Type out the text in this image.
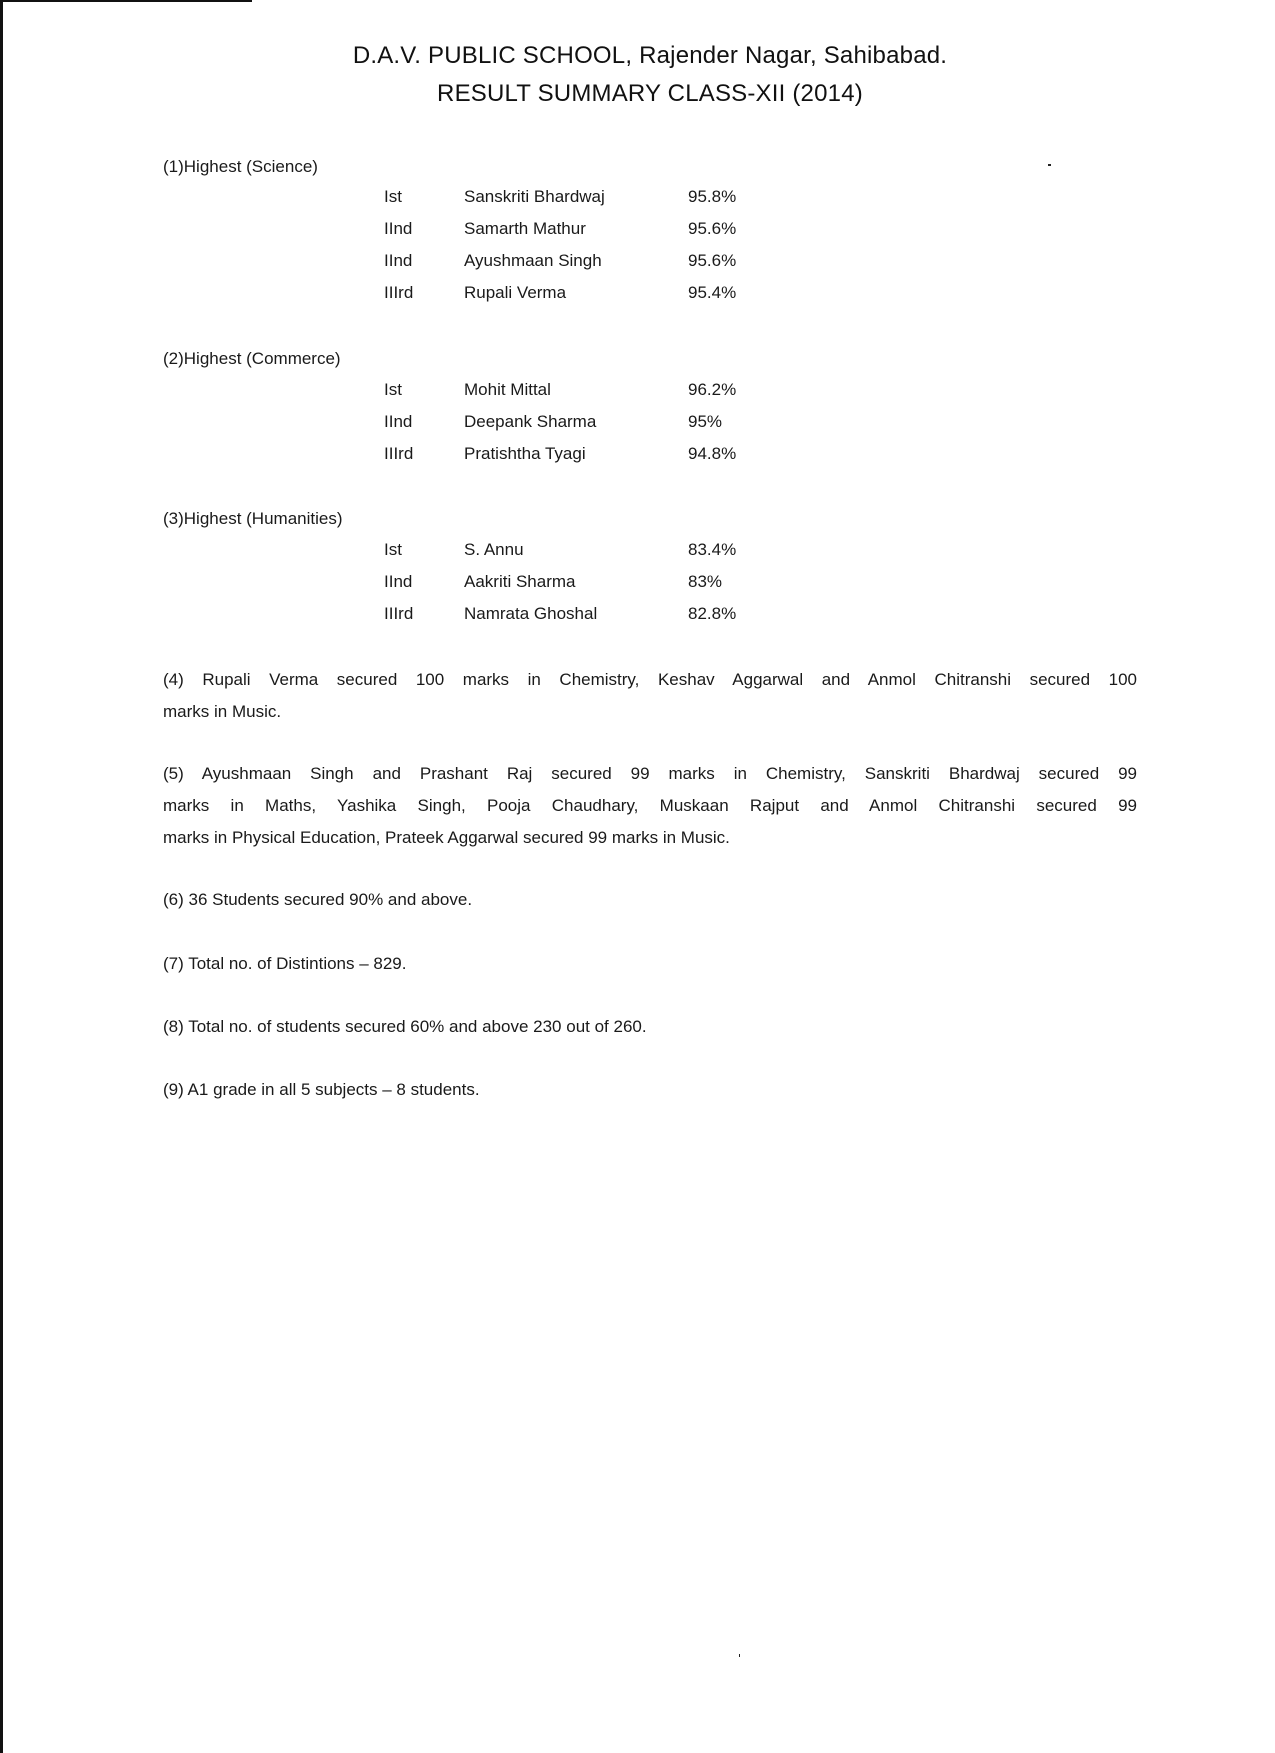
D.A.V. PUBLIC SCHOOL, Rajender Nagar, Sahibabad.
RESULT SUMMARY CLASS-XII (2014)
(1)Highest (Science)
Ist	Sanskriti Bhardwaj	95.8%
IInd	Samarth Mathur	95.6%
IInd	Ayushmaan Singh	95.6%
IIIrd	Rupali Verma	95.4%
(2)Highest (Commerce)
Ist	Mohit Mittal	96.2%
IInd	Deepank Sharma	95%
IIIrd	Pratishtha Tyagi	94.8%
(3)Highest (Humanities)
Ist	S. Annu	83.4%
IInd	Aakriti Sharma	83%
IIIrd	Namrata Ghoshal	82.8%
(4) Rupali Verma secured 100 marks in Chemistry, Keshav Aggarwal and Anmol Chitranshi secured 100
marks in Music.
(5) Ayushmaan Singh and Prashant Raj secured 99 marks in Chemistry, Sanskriti Bhardwaj secured 99
marks in Maths, Yashika Singh, Pooja Chaudhary, Muskaan Rajput and Anmol Chitranshi secured 99
marks in Physical Education, Prateek Aggarwal secured 99 marks in Music.
(6) 36 Students secured 90% and above.
(7) Total no. of Distintions – 829.
(8) Total no. of students secured 60% and above 230 out of 260.
(9) A1 grade in all 5 subjects – 8 students.
